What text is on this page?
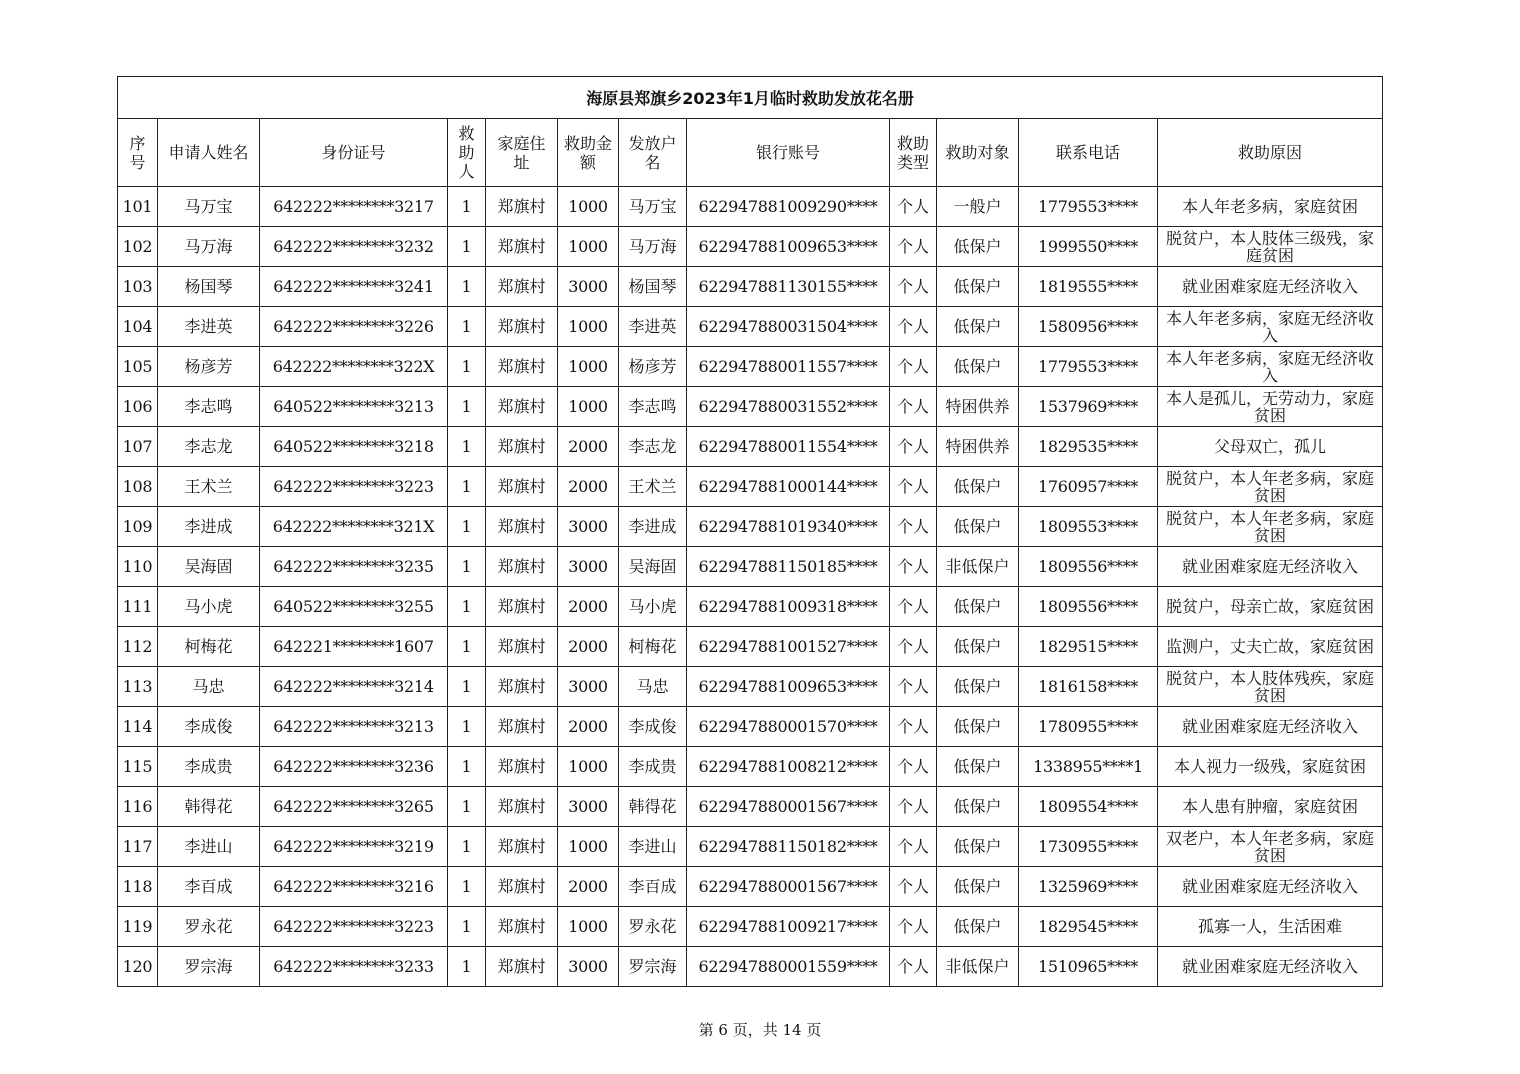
海原县郑旗乡2023年1月临时救助发放花名册											
序号	申请人姓名	身份证号	救助人	家庭住址	救助金额	发放户名	银行账号	救助类型	救助对象	联系电话	救助原因
101	马万宝	642222********3217	1	郑旗村	1000	马万宝	622947881009290****	个人	一般户	1779553****	本人年老多病，家庭贫困
102	马万海	642222********3232	1	郑旗村	1000	马万海	622947881009653****	个人	低保户	1999550****	脱贫户，本人肢体三级残，家庭贫困
103	杨国琴	642222********3241	1	郑旗村	3000	杨国琴	622947881130155****	个人	低保户	1819555****	就业困难家庭无经济收入
104	李进英	642222********3226	1	郑旗村	1000	李进英	622947880031504****	个人	低保户	1580956****	本人年老多病，家庭无经济收入
105	杨彦芳	642222********322X	1	郑旗村	1000	杨彦芳	622947880011557****	个人	低保户	1779553****	本人年老多病，家庭无经济收入
106	李志鸣	640522********3213	1	郑旗村	1000	李志鸣	622947880031552****	个人	特困供养	1537969****	本人是孤儿，无劳动力，家庭贫困
107	李志龙	640522********3218	1	郑旗村	2000	李志龙	622947880011554****	个人	特困供养	1829535****	父母双亡，孤儿
108	王术兰	642222********3223	1	郑旗村	2000	王术兰	622947881000144****	个人	低保户	1760957****	脱贫户，本人年老多病，家庭贫困
109	李进成	642222********321X	1	郑旗村	3000	李进成	622947881019340****	个人	低保户	1809553****	脱贫户，本人年老多病，家庭贫困
110	吴海固	642222********3235	1	郑旗村	3000	吴海固	622947881150185****	个人	非低保户	1809556****	就业困难家庭无经济收入
111	马小虎	640522********3255	1	郑旗村	2000	马小虎	622947881009318****	个人	低保户	1809556****	脱贫户，母亲亡故，家庭贫困
112	柯梅花	642221********1607	1	郑旗村	2000	柯梅花	622947881001527****	个人	低保户	1829515****	监测户，丈夫亡故，家庭贫困
113	马忠	642222********3214	1	郑旗村	3000	马忠	622947881009653****	个人	低保户	1816158****	脱贫户，本人肢体残疾，家庭贫困
114	李成俊	642222********3213	1	郑旗村	2000	李成俊	622947880001570****	个人	低保户	1780955****	就业困难家庭无经济收入
115	李成贵	642222********3236	1	郑旗村	1000	李成贵	622947881008212****	个人	低保户	1338955****1	本人视力一级残，家庭贫困
116	韩得花	642222********3265	1	郑旗村	3000	韩得花	622947880001567****	个人	低保户	1809554****	本人患有肿瘤，家庭贫困
117	李进山	642222********3219	1	郑旗村	1000	李进山	622947881150182****	个人	低保户	1730955****	双老户，本人年老多病，家庭贫困
118	李百成	642222********3216	1	郑旗村	2000	李百成	622947880001567****	个人	低保户	1325969****	就业困难家庭无经济收入
119	罗永花	642222********3223	1	郑旗村	1000	罗永花	622947881009217****	个人	低保户	1829545****	孤寡一人，生活困难
120	罗宗海	642222********3233	1	郑旗村	3000	罗宗海	622947880001559****	个人	非低保户	1510965****	就业困难家庭无经济收入
第 6 页，共 14 页
